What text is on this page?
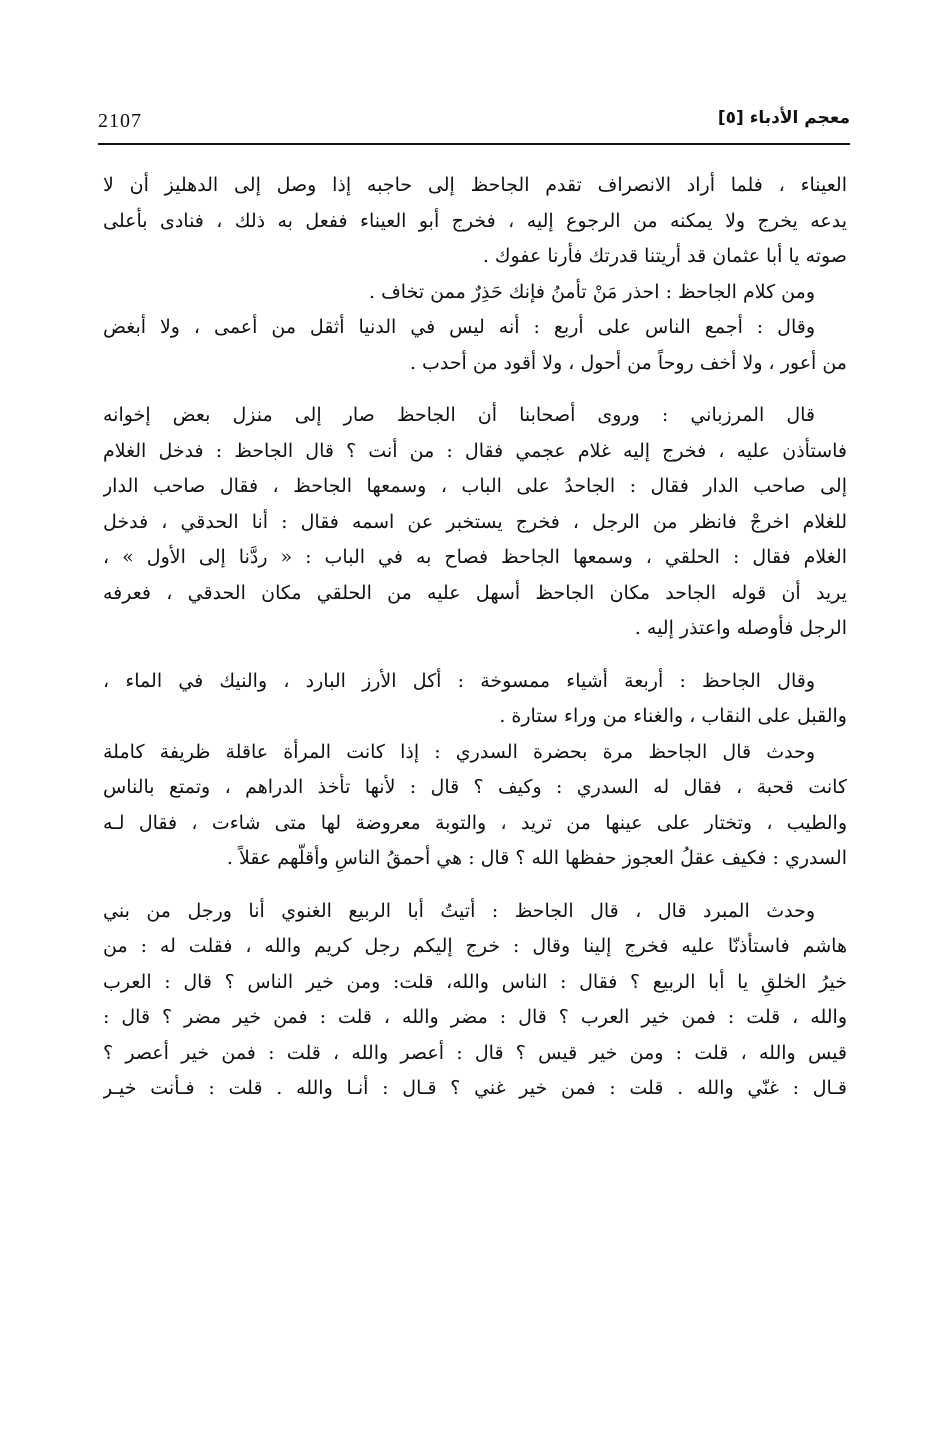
2107	معجم الأدباء [٥]
العيناء ، فلما أراد الانصراف تقدم الجاحظ إلى حاجبه إذا وصل إلى الدهليز أن لا
يدعه يخرج ولا يمكنه من الرجوع إليه ، فخرج أبو العيناء ففعل به ذلك ، فنادى بأعلى
صوته يا أبا عثمان قد أريتنا قدرتك فأرنا عفوك .
ومن كلام الجاحظ : احذر مَنْ تأمنُ فإنك حَذِرٌ ممن تخاف .
وقال : أجمع الناس على أربع : أنه ليس في الدنيا أثقل من أعمى ، ولا أبغض
من أعور ، ولا أخف روحاً من أحول ، ولا أقود من أحدب .
قال المرزباني : وروى أصحابنا أن الجاحظ صار إلى منزل بعض إخوانه
فاستأذن عليه ، فخرج إليه غلام عجمي فقال : من أنت ؟ قال الجاحظ : فدخل الغلام
إلى صاحب الدار فقال : الجاحدُ على الباب ، وسمعها الجاحظ ، فقال صاحب الدار
للغلام اخرجْ فانظر من الرجل ، فخرج يستخبر عن اسمه فقال : أنا الحدقي ، فدخل
الغلام فقال : الحلقي ، وسمعها الجاحظ فصاح به في الباب : « ردَّنا إلى الأول » ،
يريد أن قوله الجاحد مكان الجاحظ أسهل عليه من الحلقي مكان الحدقي ، فعرفه
الرجل فأوصله واعتذر إليه .
وقال الجاحظ : أربعة أشياء ممسوخة : أكل الأرز البارد ، والنيك في الماء ،
والقبل على النقاب ، والغناء من وراء ستارة .
وحدث قال الجاحظ مرة بحضرة السدري : إذا كانت المرأة عاقلة ظريفة كاملة
كانت قحبة ، فقال له السدري : وكيف ؟ قال : لأنها تأخذ الدراهم ، وتمتع بالناس
والطيب ، وتختار على عينها من تريد ، والتوبة معروضة لها متى شاءت ، فقال لـه
السدري : فكيف عقلُ العجوز حفظها الله ؟ قال : هي أحمقُ الناسِ وأقلّهم عقلاً .
وحدث المبرد قال ، قال الجاحظ : أتيتُ أبا الربيع الغنوي أنا ورجل من بني
هاشم فاستأذنّا عليه فخرج إلينا وقال : خرج إليكم رجل كريم والله ، فقلت له : من
خيرُ الخلقِ يا أبا الربيع ؟ فقال : الناس والله، قلت: ومن خير الناس ؟ قال : العرب
والله ، قلت : فمن خير العرب ؟ قال : مضر والله ، قلت : فمن خير مضر ؟ قال :
قيس والله ، قلت : ومن خير قيس ؟ قال : أعصر والله ، قلت : فمن خير أعصر ؟
قـال : غنّي والله . قلت : فمن خير غني ؟ قـال : أنـا والله . قلت : فـأنت خيـر
